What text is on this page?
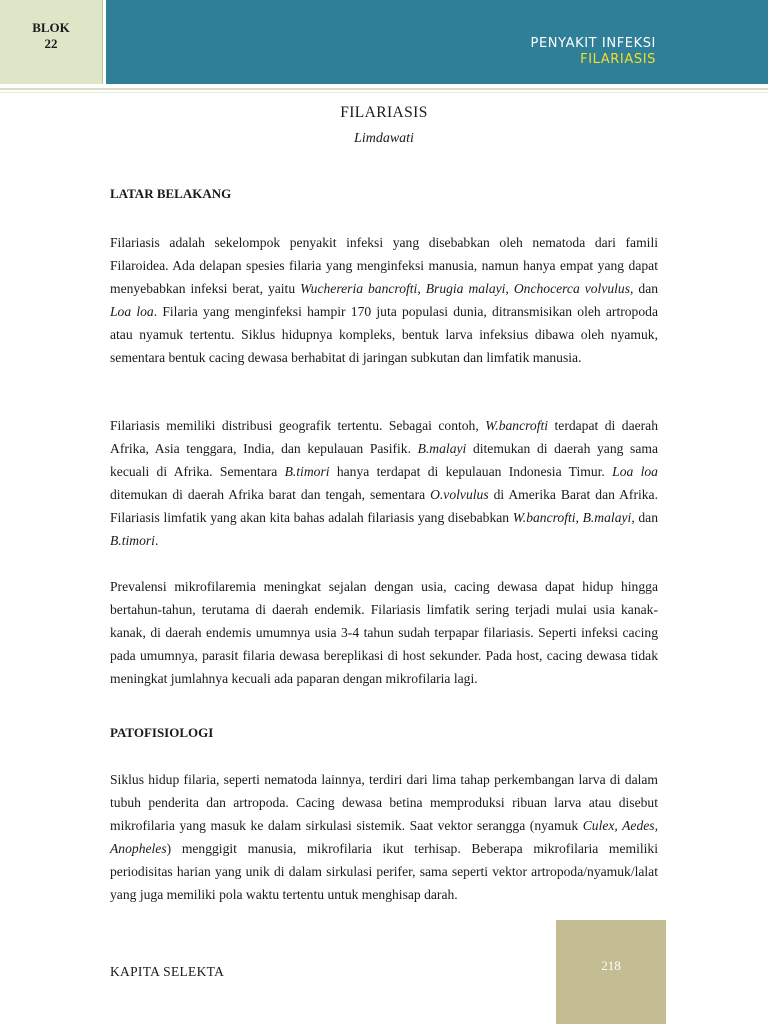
BLOK
22	PENYAKIT INFEKSI
FILARIASIS
FILARIASIS
Limdawati
LATAR BELAKANG

Filariasis adalah sekelompok penyakit infeksi yang disebabkan oleh nematoda dari famili Filaroidea. Ada delapan spesies filaria yang menginfeksi manusia, namun hanya empat yang dapat menyebabkan infeksi berat, yaitu Wuchereria bancrofti, Brugia malayi, Onchocerca volvulus, dan Loa loa. Filaria yang menginfeksi hampir 170 juta populasi dunia, ditransmisikan oleh artropoda atau nyamuk tertentu. Siklus hidupnya kompleks, bentuk larva infeksius dibawa oleh nyamuk, sementara bentuk cacing dewasa berhabitat di jaringan subkutan dan limfatik manusia.

Filariasis memiliki distribusi geografik tertentu. Sebagai contoh, W.bancrofti terdapat di daerah Afrika, Asia tenggara, India, dan kepulauan Pasifik. B.malayi ditemukan di daerah yang sama kecuali di Afrika. Sementara B.timori hanya terdapat di kepulauan Indonesia Timur. Loa loa ditemukan di daerah Afrika barat dan tengah, sementara O.volvulus di Amerika Barat dan Afrika. Filariasis limfatik yang akan kita bahas adalah filariasis yang disebabkan W.bancrofti, B.malayi, dan B.timori.

Prevalensi mikrofilaremia meningkat sejalan dengan usia, cacing dewasa dapat hidup hingga bertahun-tahun, terutama di daerah endemik. Filariasis limfatik sering terjadi mulai usia kanak-kanak, di daerah endemis umumnya usia 3-4 tahun sudah terpapar filariasis. Seperti infeksi cacing pada umumnya, parasit filaria dewasa bereplikasi di host sekunder. Pada host, cacing dewasa tidak meningkat jumlahnya kecuali ada paparan dengan mikrofilaria lagi.

PATOFISIOLOGI

Siklus hidup filaria, seperti nematoda lainnya, terdiri dari lima tahap perkembangan larva di dalam tubuh penderita dan artropoda. Cacing dewasa betina memproduksi ribuan larva atau disebut mikrofilaria yang masuk ke dalam sirkulasi sistemik. Saat vektor serangga (nyamuk Culex, Aedes, Anopheles) menggigit manusia, mikrofilaria ikut terhisap. Beberapa mikrofilaria memiliki periodisitas harian yang unik di dalam sirkulasi perifer, sama seperti vektor artropoda/nyamuk/lalat yang juga memiliki pola waktu tertentu untuk menghisap darah.

218
KAPITA SELEKTA
